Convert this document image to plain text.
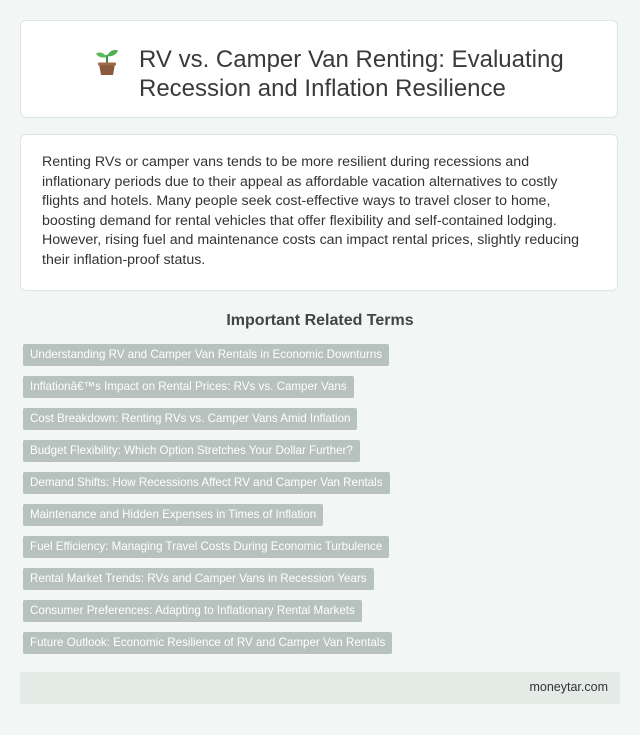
RV vs. Camper Van Renting: Evaluating Recession and Inflation Resilience

Renting RVs or camper vans tends to be more resilient during recessions and inflationary periods due to their appeal as affordable vacation alternatives to costly flights and hotels. Many people seek cost-effective ways to travel closer to home, boosting demand for rental vehicles that offer flexibility and self-contained lodging. However, rising fuel and maintenance costs can impact rental prices, slightly reducing their inflation-proof status.

Important Related Terms
Understanding RV and Camper Van Rentals in Economic Downturns
Inflationâ€™s Impact on Rental Prices: RVs vs. Camper Vans
Cost Breakdown: Renting RVs vs. Camper Vans Amid Inflation
Budget Flexibility: Which Option Stretches Your Dollar Further?
Demand Shifts: How Recessions Affect RV and Camper Van Rentals
Maintenance and Hidden Expenses in Times of Inflation
Fuel Efficiency: Managing Travel Costs During Economic Turbulence
Rental Market Trends: RVs and Camper Vans in Recession Years
Consumer Preferences: Adapting to Inflationary Rental Markets
Future Outlook: Economic Resilience of RV and Camper Van Rentals
moneytar.com
